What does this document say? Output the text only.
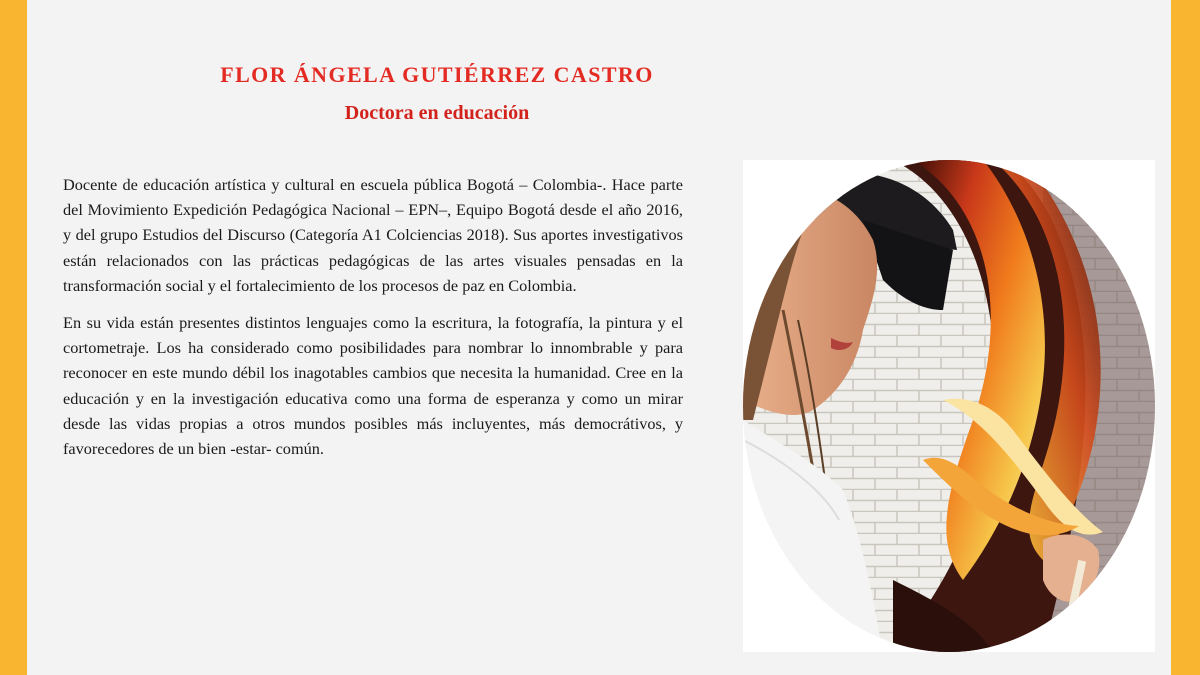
FLOR ÁNGELA GUTIÉRREZ CASTRO
Doctora en educación

Docente de educación artística y cultural en escuela pública Bogotá – Colombia-. Hace parte del Movimiento Expedición Pedagógica Nacional – EPN–, Equipo Bogotá desde el año 2016, y del grupo Estudios del Discurso (Categoría A1 Colciencias 2018). Sus aportes investigativos están relacionados con las prácticas pedagógicas de las artes visuales pensadas en la transformación social y el fortalecimiento de los procesos de paz en Colombia.

En su vida están presentes distintos lenguajes como la escritura, la fotografía, la pintura y el cortometraje. Los ha considerado como posibilidades para nombrar lo innombrable y para reconocer en este mundo débil los inagotables cambios que necesita la humanidad. Cree en la educación y en la investigación educativa como una forma de esperanza y como un mirar desde las vidas propias a otros mundos posibles más incluyentes, más democrátivos, y favorecedores de un bien -estar- común.
